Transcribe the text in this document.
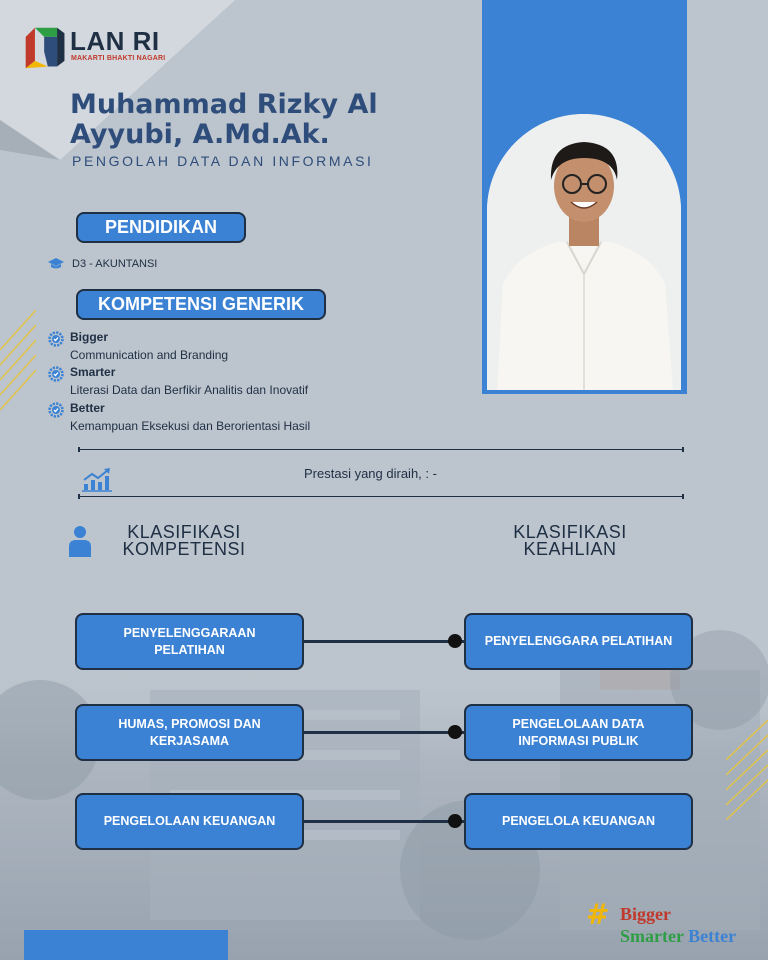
LAN RI
MAKARTI BHAKTI NAGARI
Muhammad Rizky Al Ayyubi, A.Md.Ak.
PENGOLAH DATA DAN INFORMASI
PENDIDIKAN
D3 - AKUNTANSI
KOMPETENSI GENERIK
Bigger
Communication and Branding
Smarter
Literasi Data dan Berfikir Analitis dan Inovatif
Better
Kemampuan Eksekusi dan Berorientasi Hasil
Prestasi yang diraih, : -
KLASIFIKASI
KOMPETENSI
KLASIFIKASI
KEAHLIAN
PENYELENGGARAAN PELATIHAN
PENYELENGGARA PELATIHAN
HUMAS, PROMOSI DAN KERJASAMA
PENGELOLAAN DATA INFORMASI PUBLIK
PENGELOLAAN KEUANGAN	PENGELOLA KEUANGAN
# Bigger
Smarter Better
